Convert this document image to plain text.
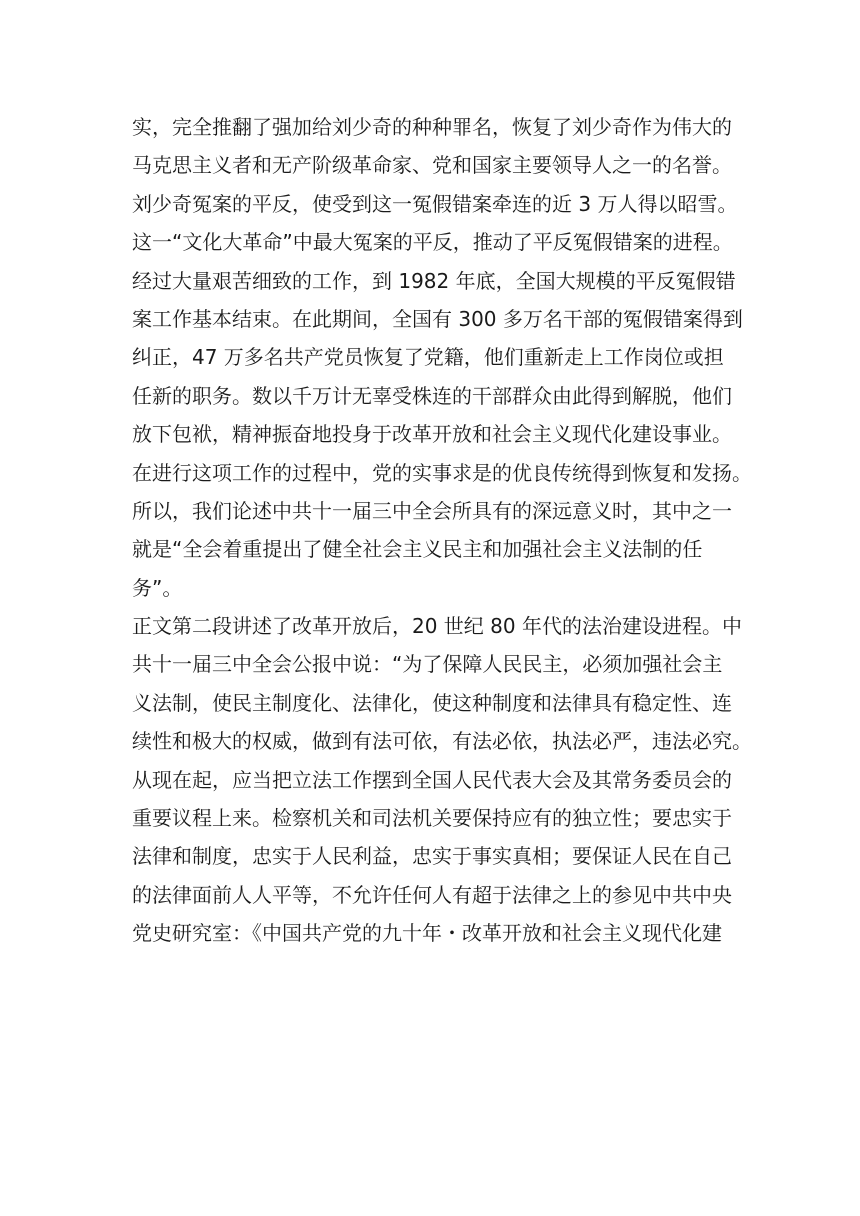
实，完全推翻了强加给刘少奇的种种罪名，恢复了刘少奇作为伟大的
马克思主义者和无产阶级革命家、党和国家主要领导人之一的名誉。
刘少奇冤案的平反，使受到这一冤假错案牵连的近 3 万人得以昭雪。
这一“文化大革命”中最大冤案的平反，推动了平反冤假错案的进程。
经过大量艰苦细致的工作，到 1982 年底，全国大规模的平反冤假错
案工作基本结束。在此期间，全国有 300 多万名干部的冤假错案得到
纠正，47 万多名共产党员恢复了党籍，他们重新走上工作岗位或担
任新的职务。数以千万计无辜受株连的干部群众由此得到解脱，他们
放下包袱，精神振奋地投身于改革开放和社会主义现代化建设事业。
在进行这项工作的过程中，党的实事求是的优良传统得到恢复和发扬。
所以，我们论述中共十一届三中全会所具有的深远意义时，其中之一
就是“全会着重提出了健全社会主义民主和加强社会主义法制的任
务”。
正文第二段讲述了改革开放后，20 世纪 80 年代的法治建设进程。中
共十一届三中全会公报中说：“为了保障人民民主，必须加强社会主
义法制，使民主制度化、法律化，使这种制度和法律具有稳定性、连
续性和极大的权威，做到有法可依，有法必依，执法必严，违法必究。
从现在起，应当把立法工作摆到全国人民代表大会及其常务委员会的
重要议程上来。检察机关和司法机关要保持应有的独立性；要忠实于
法律和制度，忠实于人民利益，忠实于事实真相；要保证人民在自己
的法律面前人人平等，不允许任何人有超于法律之上的参见中共中央
党史研究室：《中国共产党的九十年・改革开放和社会主义现代化建
